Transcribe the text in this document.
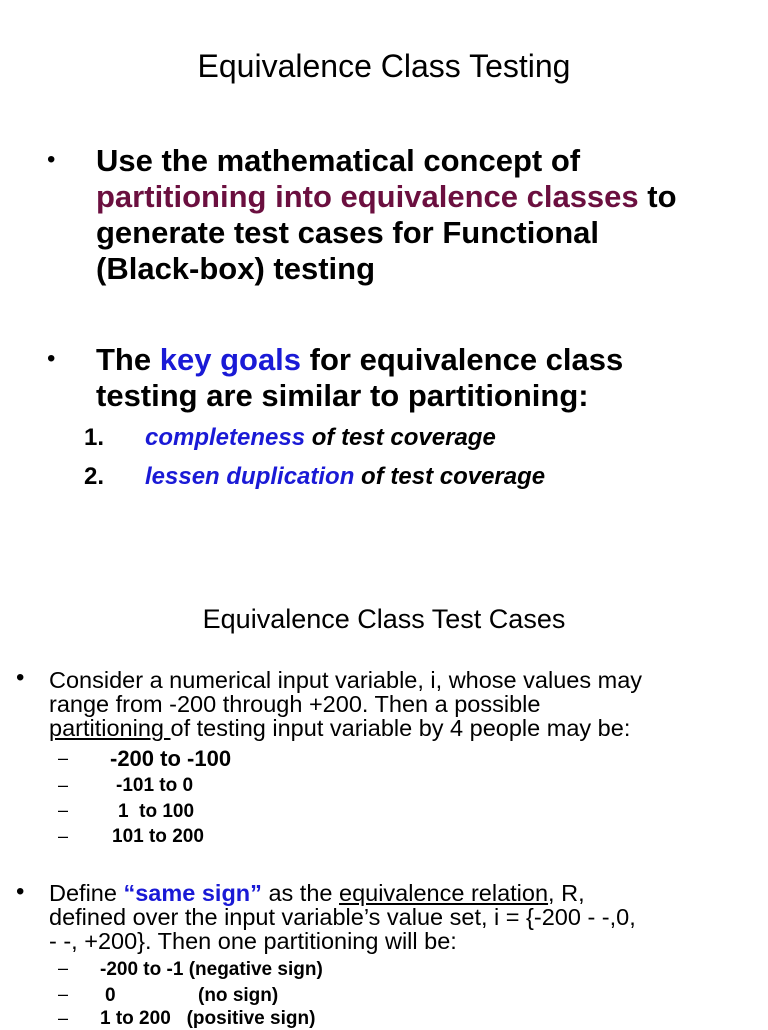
Equivalence Class Testing
• Use the mathematical concept of
partitioning into equivalence classes to
generate test cases for Functional
(Black-box) testing
• The key goals for equivalence class
testing are similar to partitioning:
1. completeness of test coverage
2. lessen duplication of test coverage
Equivalence Class Test Cases
• Consider a numerical input variable, i, whose values may
range from -200 through +200. Then a possible
partitioning of testing input variable by 4 people may be:
– -200 to -100
–	-101 to 0
–	1  to 100
– 101 to 200
• Define “same sign” as the equivalence relation, R,
defined over the input variable’s value set, i = {-200 - -,0,
- -, +200}. Then one partitioning will be:
– -200 to -1 (negative sign)
– 0	(no sign)
– 1 to 200 (positive sign)
